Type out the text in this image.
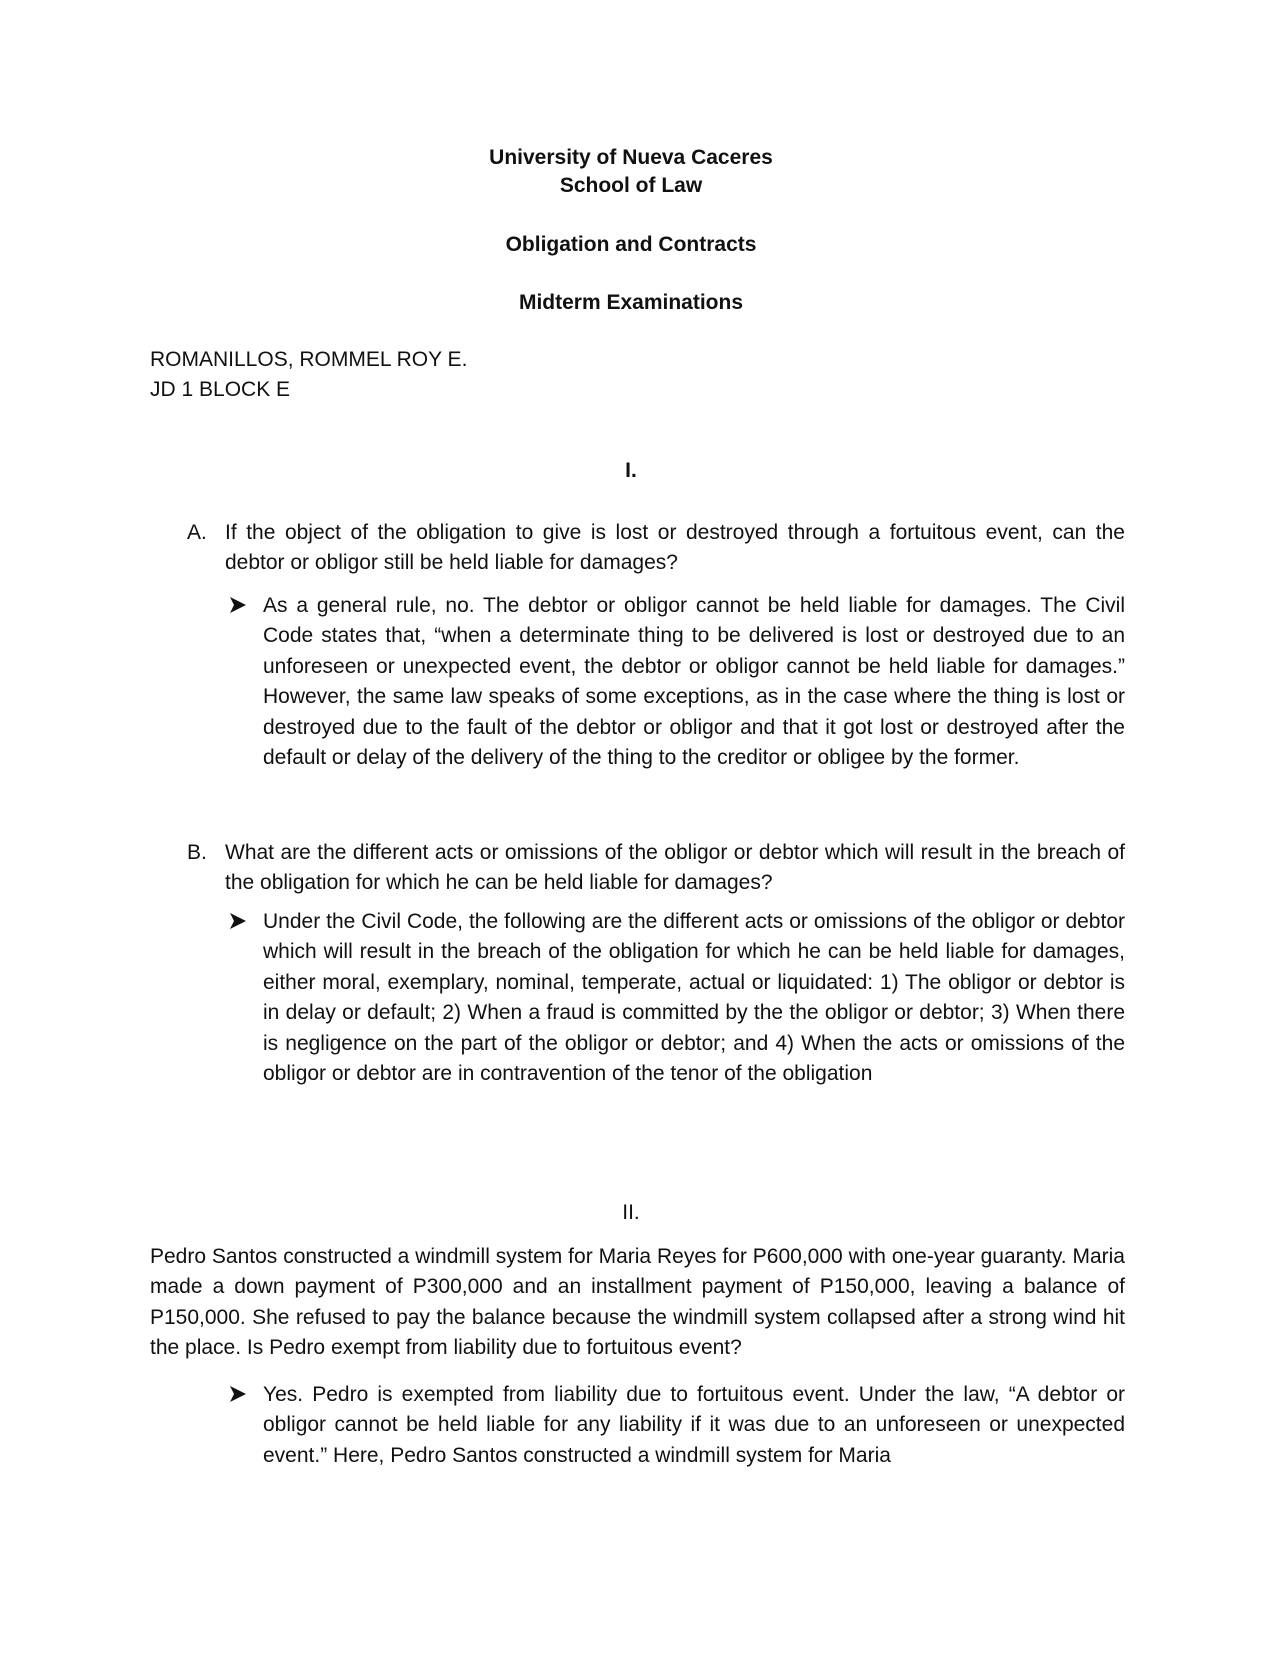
University of Nueva Caceres
School of Law
Obligation and Contracts
Midterm Examinations
ROMANILLOS, ROMMEL ROY E.
JD 1 BLOCK E
I.
A. If the object of the obligation to give is lost or destroyed through a fortuitous event, can the debtor or obligor still be held liable for damages?

As a general rule, no. The debtor or obligor cannot be held liable for damages. The Civil Code states that, “when a determinate thing to be delivered is lost or destroyed due to an unforeseen or unexpected event, the debtor or obligor cannot be held liable for damages.” However, the same law speaks of some exceptions, as in the case where the thing is lost or destroyed due to the fault of the debtor or obligor and that it got lost or destroyed after the default or delay of the delivery of the thing to the creditor or obligee by the former.

B. What are the different acts or omissions of the obligor or debtor which will result in the breach of the obligation for which he can be held liable for damages?

Under the Civil Code, the following are the different acts or omissions of the obligor or debtor which will result in the breach of the obligation for which he can be held liable for damages, either moral, exemplary, nominal, temperate, actual or liquidated: 1) The obligor or debtor is in delay or default; 2) When a fraud is committed by the the obligor or debtor; 3) When there is negligence on the part of the obligor or debtor; and 4) When the acts or omissions of the obligor or debtor are in contravention of the tenor of the obligation

II.

Pedro Santos constructed a windmill system for Maria Reyes for P600,000 with one-year guaranty. Maria made a down payment of P300,000 and an installment payment of P150,000, leaving a balance of P150,000. She refused to pay the balance because the windmill system collapsed after a strong wind hit the place. Is Pedro exempt from liability due to fortuitous event?

Yes. Pedro is exempted from liability due to fortuitous event. Under the law, “A debtor or obligor cannot be held liable for any liability if it was due to an unforeseen or unexpected event.” Here, Pedro Santos constructed a windmill system for Maria
